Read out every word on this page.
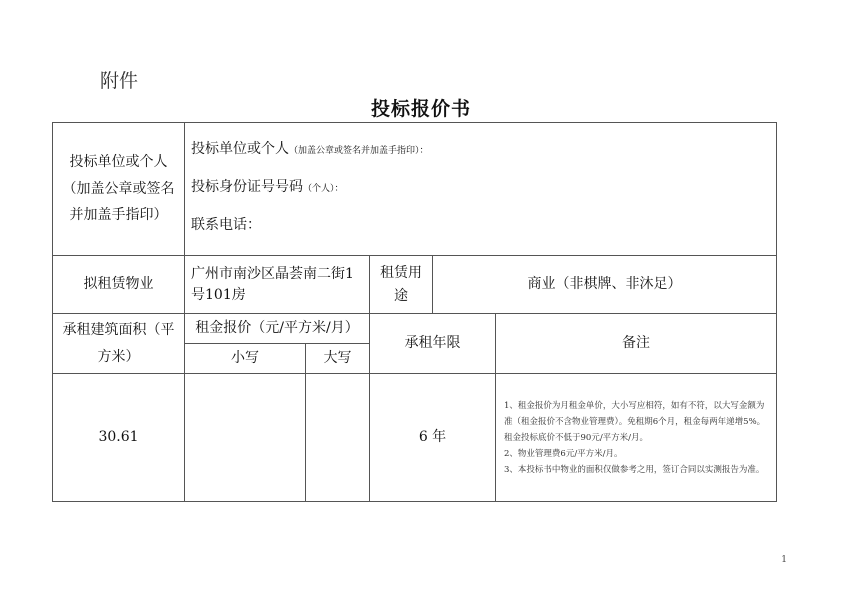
附件
投标报价书
投标单位或个人（加盖公章或签名并加盖手指印）	投标单位或个人（加盖公章或签名并加盖手指印）：
投标身份证号号码（个人）：
联系电话：				

拟租赁物业	广州市南沙区晶荟南二街1号101房		租赁用途	商业（非棋牌、非沐足）	
承租建筑面积（平方米）	租金报价（元/平方米/月）		承租年限		备注
	小写	大写			
30.61			6 年		1、租金报价为月租金单价，大小写应相符，如有不符，以大写金额为准（租金报价不含物业管理费）。免租期6个月，租金每两年递增5%。租金投标底价不低于90元/平方米/月。
2、物业管理费6元/平方米/月。
3、本投标书中物业的面积仅做参考之用，签订合同以实测报告为准。
1
